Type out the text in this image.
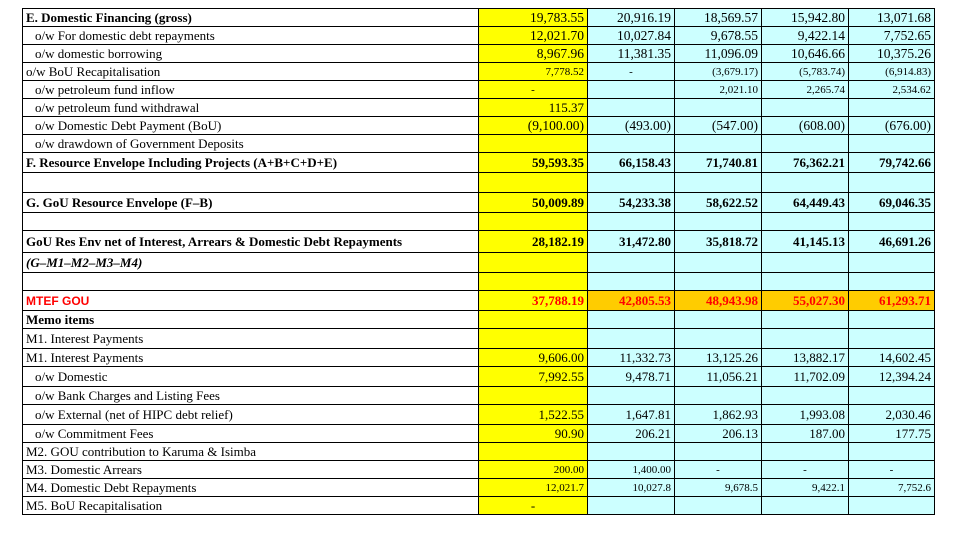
E. Domestic Financing (gross)	19,783.55	20,916.19	18,569.57	15,942.80	13,071.68
o/w For domestic debt repayments	12,021.70	10,027.84	9,678.55	9,422.14	7,752.65
o/w domestic borrowing	8,967.96	11,381.35	11,096.09	10,646.66	10,375.26
o/w BoU Recapitalisation	7,778.52	-	(3,679.17)	(5,783.74)	(6,914.83)
o/w petroleum fund inflow	-		2,021.10	2,265.74	2,534.62
o/w petroleum fund withdrawal	115.37				
o/w Domestic Debt Payment (BoU)	(9,100.00)	(493.00)	(547.00)	(608.00)	(676.00)
o/w drawdown of Government Deposits					
F. Resource Envelope Including Projects (A+B+C+D+E)	59,593.35	66,158.43	71,740.81	76,362.21	79,742.66

G. GoU Resource Envelope (F–B)	50,009.89	54,233.38	58,622.52	64,449.43	69,046.35

GoU Res Env net of Interest, Arrears & Domestic Debt Repayments	28,182.19	31,472.80	35,818.72	41,145.13	46,691.26
(G–M1–M2–M3–M4)					

MTEF GOU	37,788.19	42,805.53	48,943.98	55,027.30	61,293.71
Memo items					
M1. Interest Payments					
M1. Interest Payments	9,606.00	11,332.73	13,125.26	13,882.17	14,602.45
o/w Domestic	7,992.55	9,478.71	11,056.21	11,702.09	12,394.24
o/w Bank Charges and Listing Fees					
o/w External (net of HIPC debt relief)	1,522.55	1,647.81	1,862.93	1,993.08	2,030.46
o/w Commitment Fees	90.90	206.21	206.13	187.00	177.75
M2. GOU contribution to Karuma & Isimba					
M3. Domestic Arrears	200.00	1,400.00	-	-	-
M4. Domestic Debt Repayments	12,021.7	10,027.8	9,678.5	9,422.1	7,752.6
M5. BoU Recapitalisation	-				
